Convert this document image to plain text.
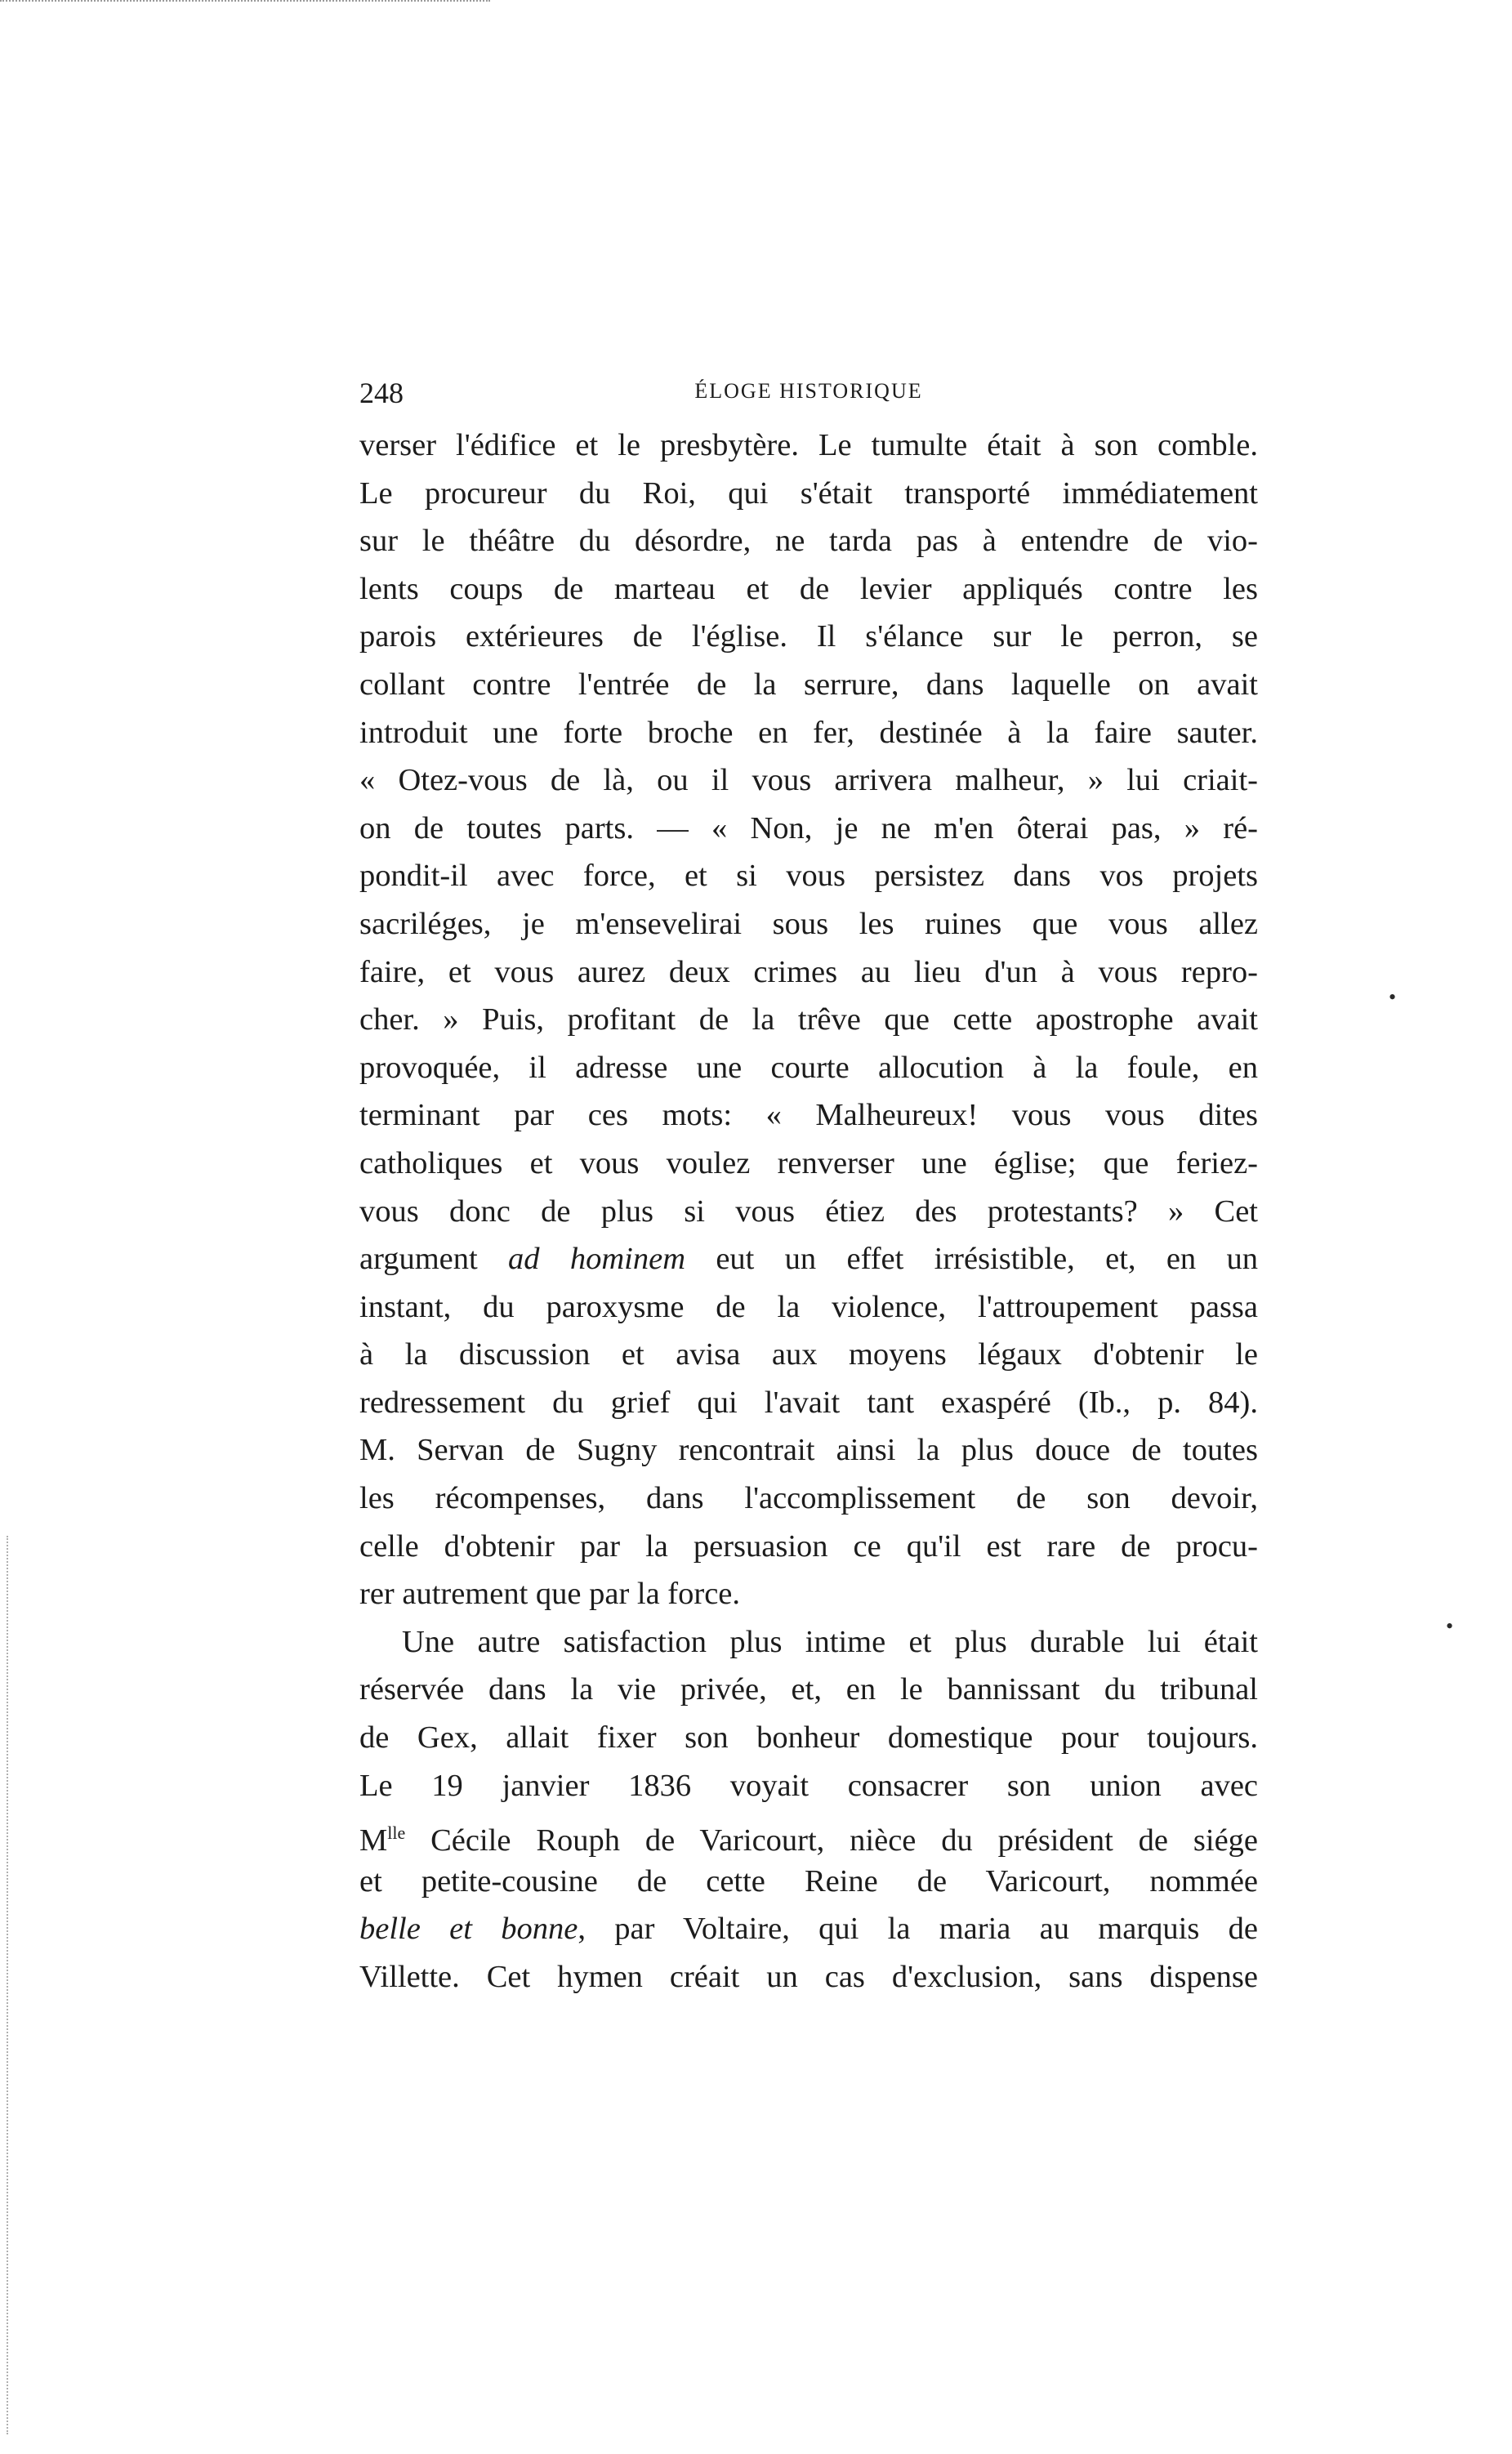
•
•
248	ÉLOGE HISTORIQUE
verser l'édifice et le presbytère. Le tumulte était à son comble.
Le procureur du Roi, qui s'était transporté immédiatement
sur le théâtre du désordre, ne tarda pas à entendre de vio-
lents coups de marteau et de levier appliqués contre les
parois extérieures de l'église. Il s'élance sur le perron, se
collant contre l'entrée de la serrure, dans laquelle on avait
introduit une forte broche en fer, destinée à la faire sauter.
« Otez-vous de là, ou il vous arrivera malheur, » lui criait-
on de toutes parts. — « Non, je ne m'en ôterai pas, » ré-
pondit-il avec force, et si vous persistez dans vos projets
sacriléges, je m'ensevelirai sous les ruines que vous allez
faire, et vous aurez deux crimes au lieu d'un à vous repro-
cher. » Puis, profitant de la trêve que cette apostrophe avait
provoquée, il adresse une courte allocution à la foule, en
terminant par ces mots: « Malheureux! vous vous dites
catholiques et vous voulez renverser une église; que feriez-
vous donc de plus si vous étiez des protestants? » Cet
argument ad hominem eut un effet irrésistible, et, en un
instant, du paroxysme de la violence, l'attroupement passa
à la discussion et avisa aux moyens légaux d'obtenir le
redressement du grief qui l'avait tant exaspéré (Ib., p. 84).
M. Servan de Sugny rencontrait ainsi la plus douce de toutes
les récompenses, dans l'accomplissement de son devoir,
celle d'obtenir par la persuasion ce qu'il est rare de procu-
rer autrement que par la force.
Une autre satisfaction plus intime et plus durable lui était
réservée dans la vie privée, et, en le bannissant du tribunal
de Gex, allait fixer son bonheur domestique pour toujours.
Le 19 janvier 1836 voyait consacrer son union avec
$M^{lle}$ Cécile Rouph de Varicourt, nièce du président de siége
et petite-cousine de cette Reine de Varicourt, nommée
belle et bonne, par Voltaire, qui la maria au marquis de
Villette. Cet hymen créait un cas d'exclusion, sans dispense
